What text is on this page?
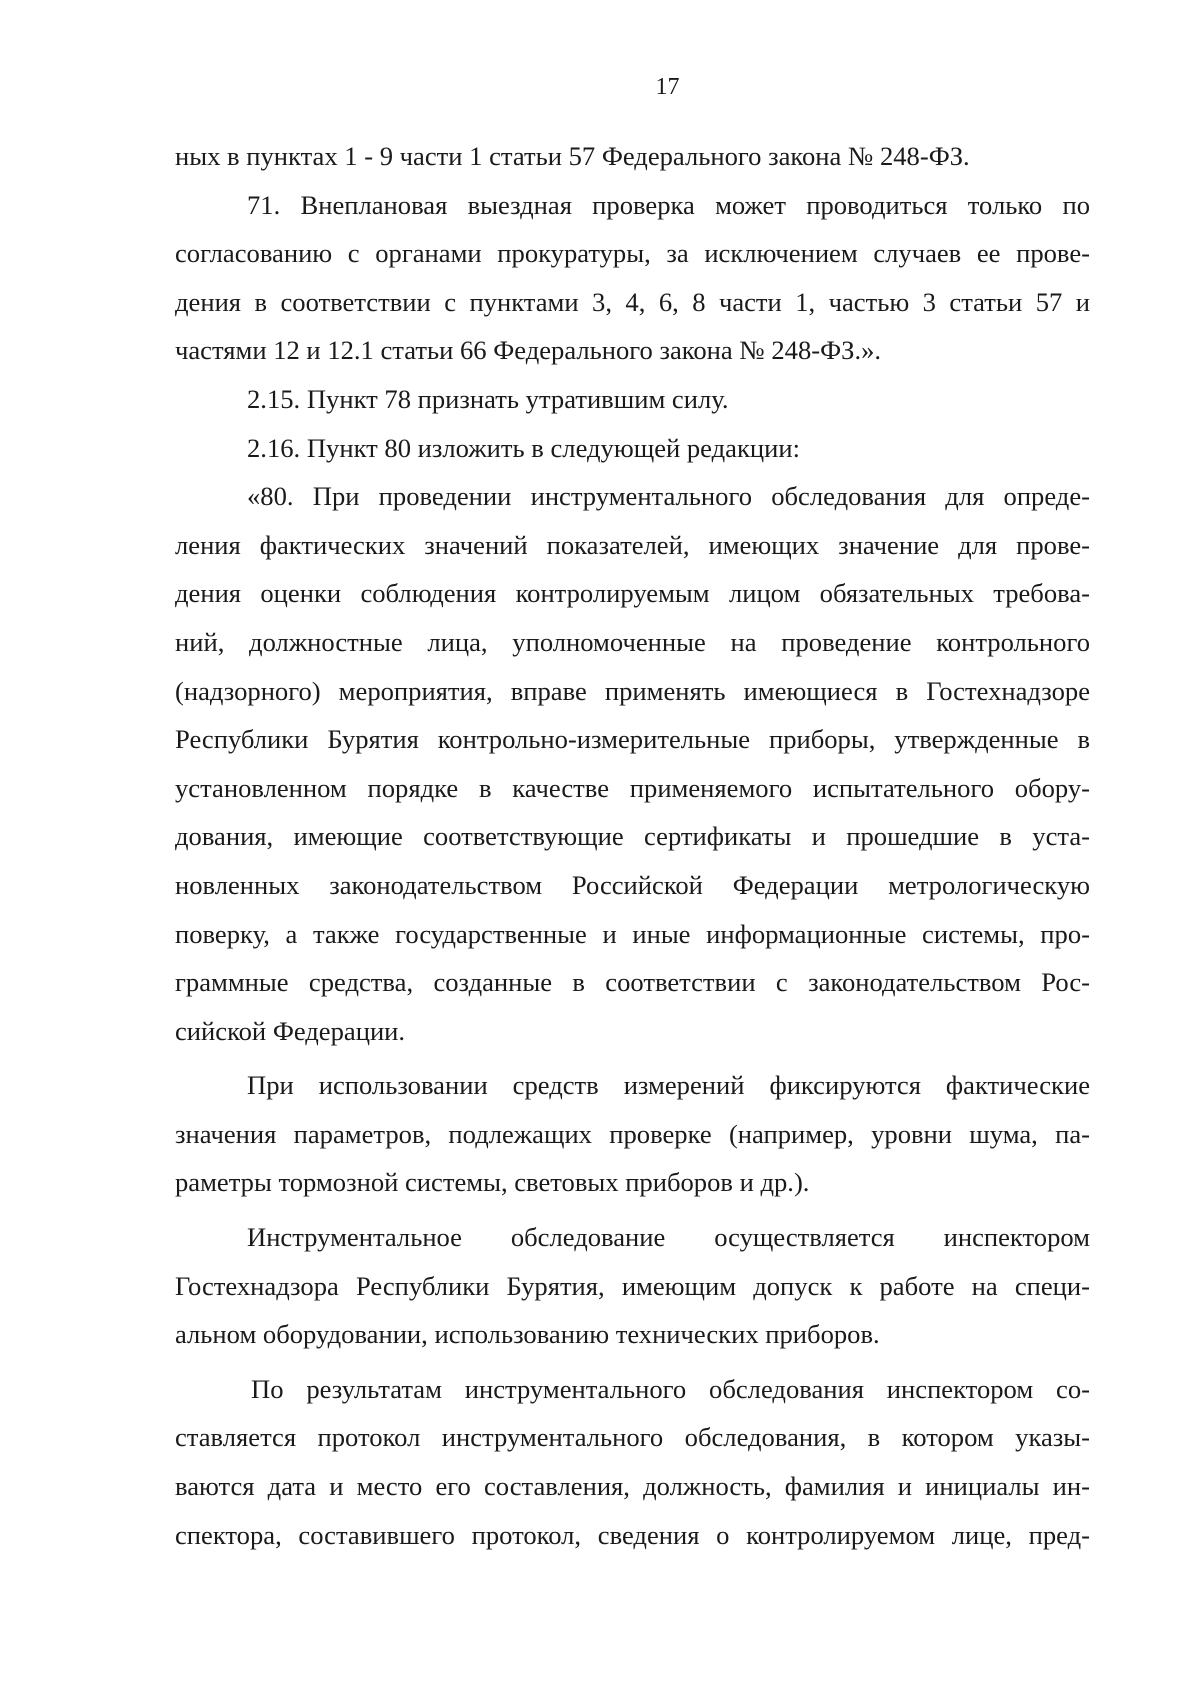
17
ных в пунктах 1 - 9 части 1 статьи 57 Федерального закона № 248-ФЗ.
71. Внеплановая выездная проверка может проводиться только по
согласованию с органами прокуратуры, за исключением случаев ее прове-
дения в соответствии с пунктами 3, 4, 6, 8 части 1, частью 3 статьи 57 и
частями 12 и 12.1 статьи 66 Федерального закона № 248-ФЗ.».
2.15. Пункт 78 признать утратившим силу.
2.16. Пункт 80 изложить в следующей редакции:
«80. При проведении инструментального обследования для опреде-
ления фактических значений показателей, имеющих значение для прове-
дения оценки соблюдения контролируемым лицом обязательных требова-
ний, должностные лица, уполномоченные на проведение контрольного
(надзорного) мероприятия, вправе применять имеющиеся в Гостехнадзоре
Республики Бурятия контрольно-измерительные приборы, утвержденные в
установленном порядке в качестве применяемого испытательного обору-
дования, имеющие соответствующие сертификаты и прошедшие в уста-
новленных законодательством Российской Федерации метрологическую
поверку, а также государственные и иные информационные системы, про-
граммные средства, созданные в соответствии с законодательством Рос-
сийской Федерации.
При использовании средств измерений фиксируются фактические
значения параметров, подлежащих проверке (например, уровни шума, па-
раметры тормозной системы, световых приборов и др.).
Инструментальное обследование осуществляется инспектором
Гостехнадзора Республики Бурятия, имеющим допуск к работе на специ-
альном оборудовании, использованию технических приборов.
По результатам инструментального обследования инспектором со-
ставляется протокол инструментального обследования, в котором указы-
ваются дата и место его составления, должность, фамилия и инициалы ин-
спектора, составившего протокол, сведения о контролируемом лице, пред-
